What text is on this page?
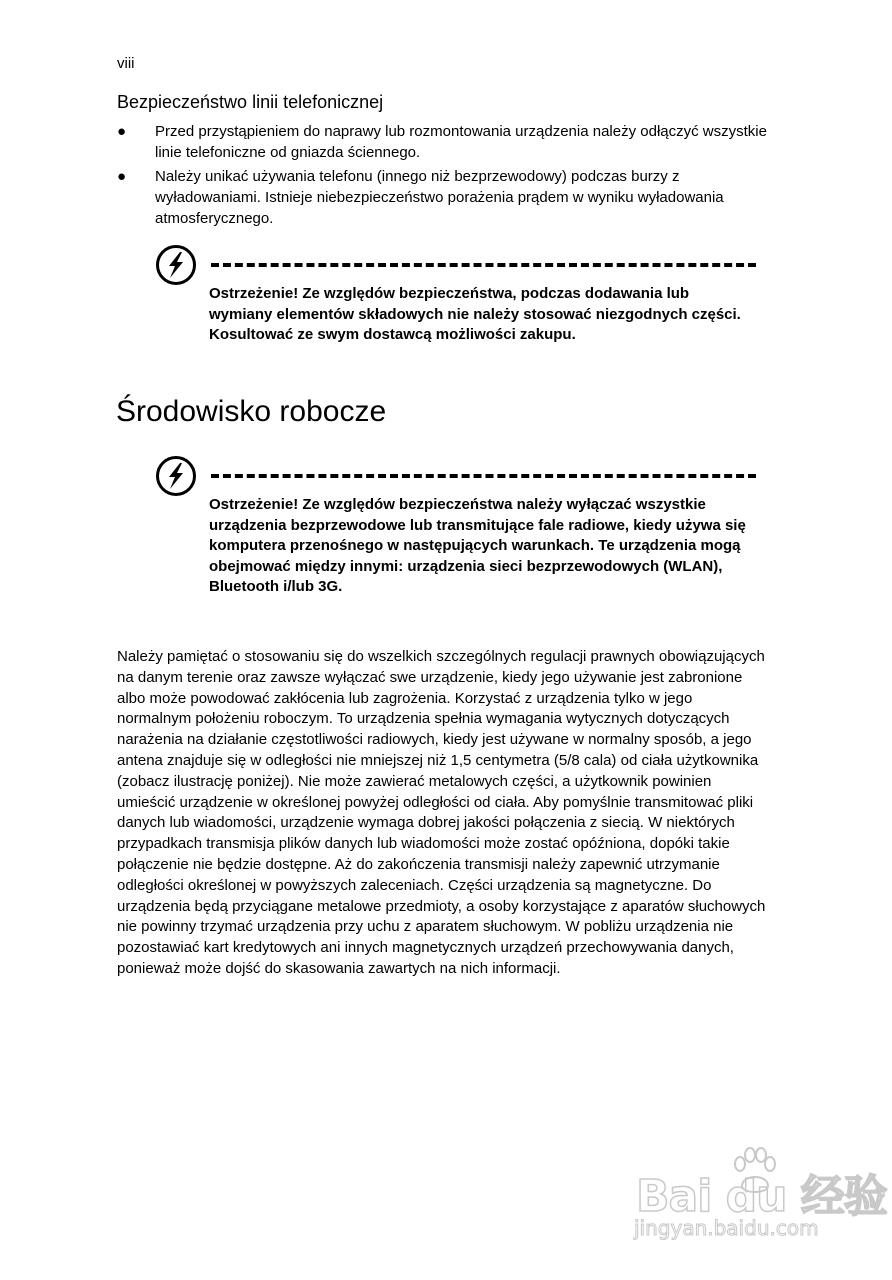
viii
Bezpieczeństwo linii telefonicznej
● Przed przystąpieniem do naprawy lub rozmontowania urządzenia należy odłączyć wszystkie linie telefoniczne od gniazda ściennego.
● Należy unikać używania telefonu (innego niż bezprzewodowy) podczas burzy z wyładowaniami. Istnieje niebezpieczeństwo porażenia prądem w wyniku wyładowania atmosferycznego.

Ostrzeżenie! Ze względów bezpieczeństwa, podczas dodawania lub wymiany elementów składowych nie należy stosować niezgodnych części. Kosultować ze swym dostawcą możliwości zakupu.

Środowisko robocze

Ostrzeżenie! Ze względów bezpieczeństwa należy wyłączać wszystkie urządzenia bezprzewodowe lub transmitujące fale radiowe, kiedy używa się komputera przenośnego w następujących warunkach. Te urządzenia mogą obejmować między innymi: urządzenia sieci bezprzewodowych (WLAN), Bluetooth i/lub 3G.

Należy pamiętać o stosowaniu się do wszelkich szczególnych regulacji prawnych obowiązujących na danym terenie oraz zawsze wyłączać swe urządzenie, kiedy jego używanie jest zabronione albo może powodować zakłócenia lub zagrożenia. Korzystać z urządzenia tylko w jego normalnym położeniu roboczym. To urządzenia spełnia wymagania wytycznych dotyczących narażenia na działanie częstotliwości radiowych, kiedy jest używane w normalny sposób, a jego antena znajduje się w odległości nie mniejszej niż 1,5 centymetra (5/8 cala) od ciała użytkownika (zobacz ilustrację poniżej). Nie może zawierać metalowych części, a użytkownik powinien umieścić urządzenie w określonej powyżej odległości od ciała. Aby pomyślnie transmitować pliki danych lub wiadomości, urządzenie wymaga dobrej jakości połączenia z siecią. W niektórych przypadkach transmisja plików danych lub wiadomości może zostać opóźniona, dopóki takie połączenie nie będzie dostępne. Aż do zakończenia transmisji należy zapewnić utrzymanie odległości określonej w powyższych zaleceniach. Części urządzenia są magnetyczne. Do urządzenia będą przyciągane metalowe przedmioty, a osoby korzystające z aparatów słuchowych nie powinny trzymać urządzenia przy uchu z aparatem słuchowym. W pobliżu urządzenia nie pozostawiać kart kredytowych ani innych magnetycznych urządzeń przechowywania danych, ponieważ może dojść do skasowania zawartych na nich informacji.

Bai du 经验
jingyan.baidu.com
